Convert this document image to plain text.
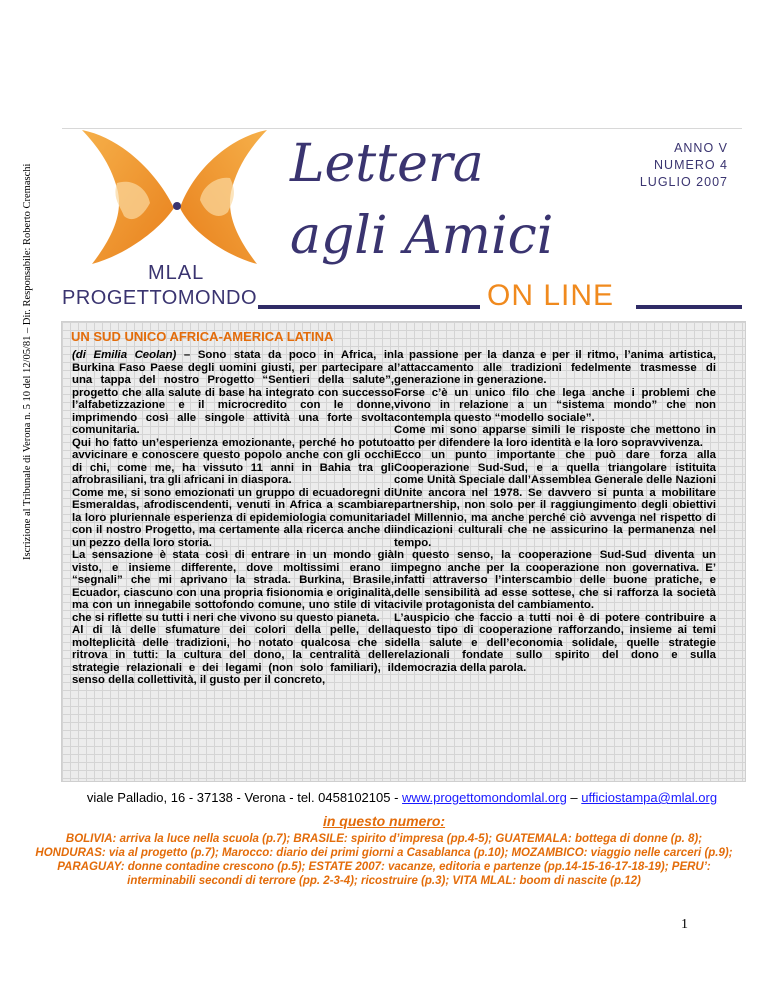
Iscrizione al Tribunale di Verona n. 5 10 del 12/05/81 – Dir. Responsabile: Roberto Cremaschi	MLAL
PROGETTOMONDO
Lettera
agli Amici
ANNO V
NUMERO 4
LUGLIO 2007
ON LINE
UN SUD UNICO AFRICA-AMERICA LATINA

(di Emilia Ceolan) – Sono stata da poco in Africa, in Burkina Faso Paese degli uomini giusti, per partecipare a una tappa del nostro Progetto “Sentieri della salute”, progetto che alla salute di base ha integrato con successo l’alfabetizzazione e il microcredito con le donne, imprimendo così alle singole attività una forte svolta comunitaria.

Qui ho fatto un’esperienza emozionante, perché ho potuto avvicinare e conoscere questo popolo anche con gli occhi di chi, come me, ha vissuto 11 anni in Bahia tra gli afrobrasiliani, tra gli africani in diaspora.

Come me, si sono emozionati un gruppo di ecuadoregni di Esmeraldas, afrodiscendenti, venuti in Africa a scambiare la loro pluriennale esperienza di epidemiologia comunitaria con il nostro Progetto, ma certamente alla ricerca anche di un pezzo della loro storia.

La sensazione è stata così di entrare in un mondo già visto, e insieme differente, dove moltissimi erano i “segnali” che mi aprivano la strada. Burkina, Brasile, Ecuador, ciascuno con una propria fisionomia e originalità, ma con un innegabile sottofondo comune, uno stile di vita che si riflette su tutti i neri che vivono su questo pianeta.

Al di là delle sfumature dei colori della pelle, della molteplicità delle tradizioni, ho notato qualcosa che si ritrova in tutti: la cultura del dono, la centralità delle strategie relazionali e dei legami (non solo familiari), il senso della collettività, il gusto per il concreto,

la passione per la danza e per il ritmo, l’anima artistica, l’attaccamento alle tradizioni fedelmente trasmesse di generazione in generazione.

Forse c’è un unico filo che lega anche i problemi che vivono in relazione a un “sistema mondo” che non contempla questo “modello sociale”.

Come mi sono apparse simili le risposte che mettono in atto per difendere la loro identità e la loro sopravvivenza.

Ecco un punto importante che può dare forza alla Cooperazione Sud-Sud, e a quella triangolare istituita come Unità Speciale dall’Assemblea Generale delle Nazioni Unite ancora nel 1978. Se davvero si punta a mobilitare partnership, non solo per il raggiungimento degli obiettivi del Millennio, ma anche perché ciò avvenga nel rispetto di indicazioni culturali che ne assicurino la permanenza nel tempo.

In questo senso, la cooperazione Sud-Sud diventa un impegno anche per la cooperazione non governativa. E’ infatti attraverso l’interscambio delle buone pratiche, e delle sensibilità ad esse sottese, che si rafforza la società civile protagonista del cambiamento.

L’auspicio che faccio a tutti noi è di potere contribuire a questo tipo di cooperazione rafforzando, insieme ai temi della salute e dell’economia solidale, quelle strategie relazionali fondate sullo spirito del dono e sulla democrazia della parola.

viale Palladio, 16 - 37138 - Verona - tel. 0458102105 - www.progettomondomlal.org – ufficiostampa@mlal.org
in questo numero:
BOLIVIA: arriva la luce nella scuola (p.7); BRASILE: spirito d’impresa (pp.4-5); GUATEMALA: bottega di donne (p. 8); HONDURAS: via al progetto (p.7); Marocco: diario dei primi giorni a Casablanca (p.10); MOZAMBICO: viaggio nelle carceri (p.9); PARAGUAY: donne contadine crescono (p.5); ESTATE 2007: vacanze, editoria e partenze (pp.14-15-16-17-18-19); PERU’: interminabili secondi di terrore (pp. 2-3-4); ricostruire (p.3); VITA MLAL: boom di nascite (p.12)
1
